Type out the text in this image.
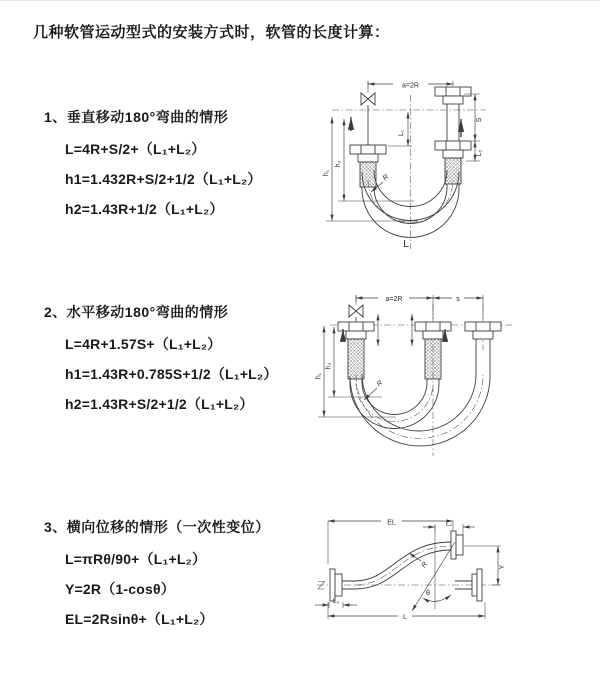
几种软管运动型式的安装方式时，软管的长度计算：
1、垂直移动180°弯曲的情形
L=4R+S/2+（L₁+L₂）
h1=1.432R+S/2+1/2（L₁+L₂）
h2=1.43R+1/2（L₁+L₂）
2、水平移动180°弯曲的情形
L=4R+1.57S+（L₁+L₂）
h1=1.43R+0.785S+1/2（L₁+L₂）
h2=1.43R+S/2+1/2（L₁+L₂）
3、横向位移的情形（一次性变位）
L=πRθ/90+（L₁+L₂）
Y=2R（1-cosθ）
EL=2Rsinθ+（L₁+L₂）
a=2R
h₁
h₂
L₁
S
L₂
R
L
a=2R	s
h₁
h₂
R
θ
R
EL	L₁
Y
L
L₁
